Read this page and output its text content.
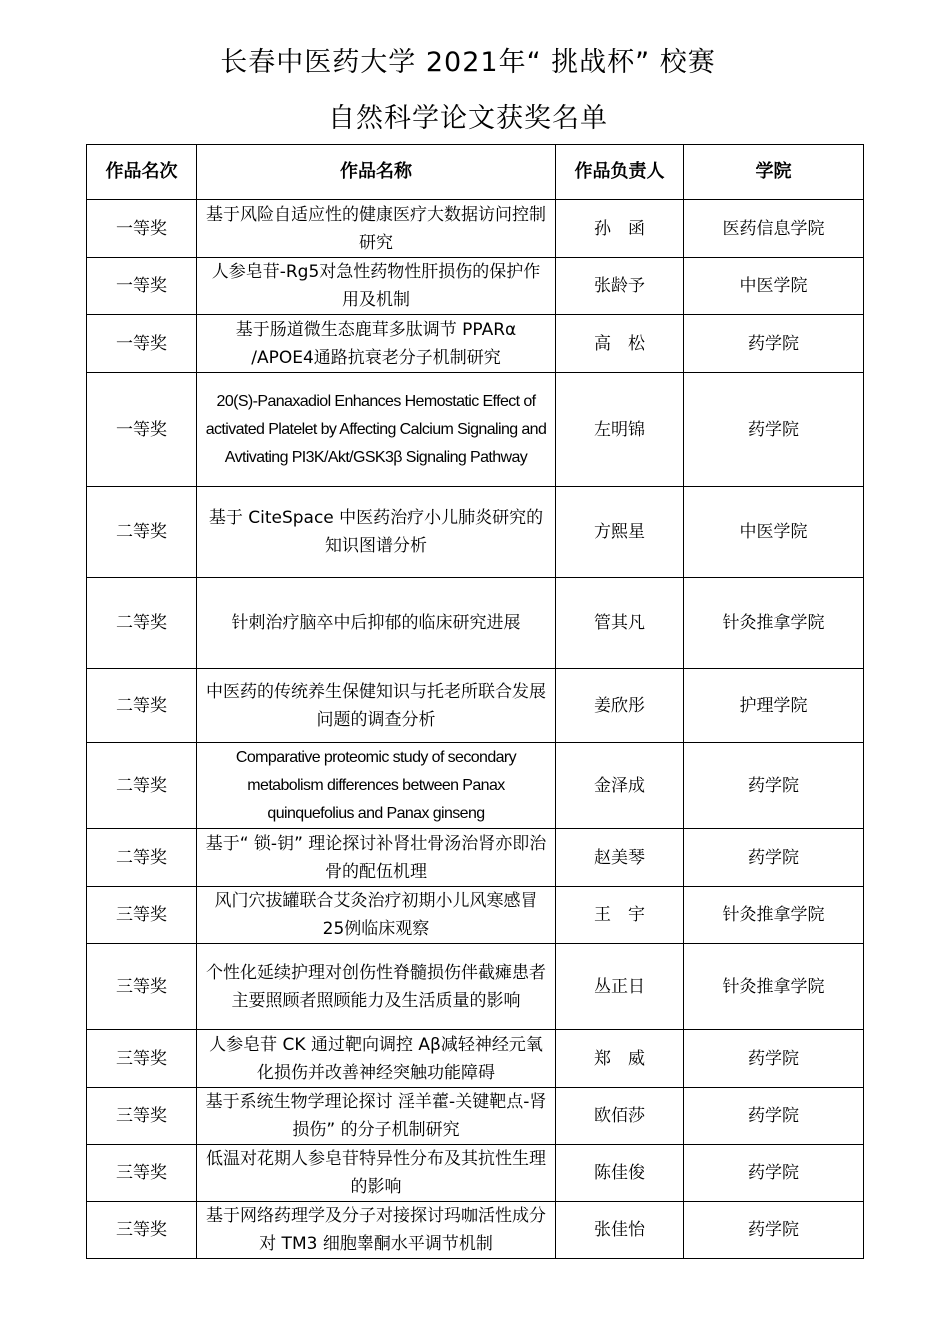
长春中医药大学 2021年“ 挑战杯” 校赛
自然科学论文获奖名单
作品名次	作品名称	作品负责人	学院
一等奖	基于风险自适应性的健康医疗大数据访问控制研究	孙　函	医药信息学院
一等奖	人参皂苷-Rg5对急性药物性肝损伤的保护作用及机制	张龄予	中医学院
一等奖	基于肠道微生态鹿茸多肽调节 PPARα /APOE4通路抗衰老分子机制研究	高　松	药学院
一等奖	20(S)-Panaxadiol Enhances Hemostatic Effect of activated Platelet by Affecting Calcium Signaling and Avtivating PI3K/Akt/GSK3β Signaling Pathway	左明锦	药学院
二等奖	基于 CiteSpace 中医药治疗小儿肺炎研究的知识图谱分析	方熙星	中医学院
二等奖	针刺治疗脑卒中后抑郁的临床研究进展	管其凡	针灸推拿学院
二等奖	中医药的传统养生保健知识与托老所联合发展问题的调查分析	姜欣彤	护理学院
二等奖	Comparative proteomic study of secondary metabolism differences between Panax quinquefolius and Panax ginseng	金泽成	药学院
二等奖	基于“ 锁-钥” 理论探讨补肾壮骨汤治肾亦即治骨的配伍机理	赵美琴	药学院
三等奖	风门穴拔罐联合艾灸治疗初期小儿风寒感冒 25例临床观察	王　宇	针灸推拿学院
三等奖	个性化延续护理对创伤性脊髓损伤伴截瘫患者主要照顾者照顾能力及生活质量的影响	丛正日	针灸推拿学院
三等奖	人参皂苷 CK 通过靶向调控 Aβ减轻神经元氧化损伤并改善神经突触功能障碍	郑　威	药学院
三等奖	基于系统生物学理论探讨 淫羊藿-关键靶点-肾损伤” 的分子机制研究	欧佰莎	药学院
三等奖	低温对花期人参皂苷特异性分布及其抗性生理的影响	陈佳俊	药学院
三等奖	基于网络药理学及分子对接探讨玛咖活性成分对 TM3 细胞睾酮水平调节机制	张佳怡	药学院
